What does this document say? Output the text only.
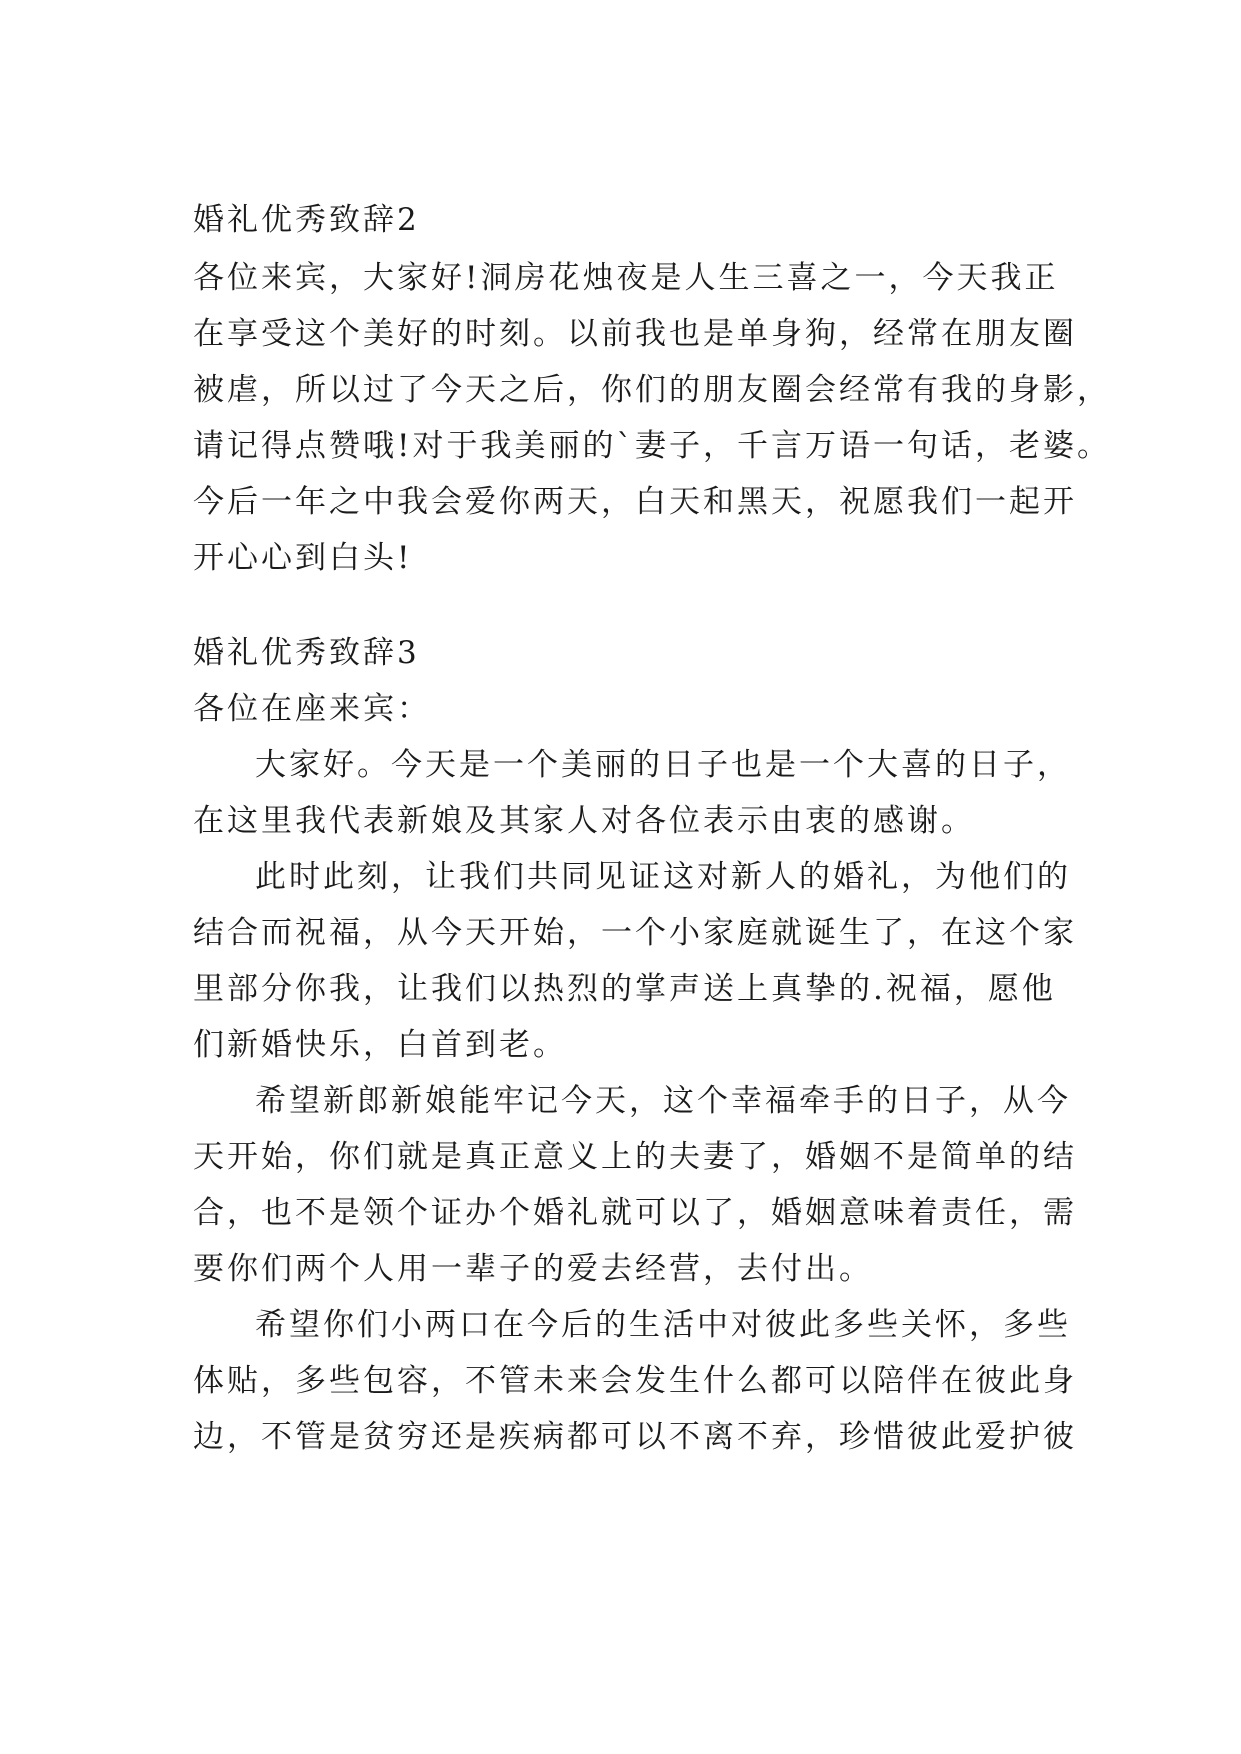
婚礼优秀致辞2
各位来宾，大家好!洞房花烛夜是人生三喜之一，今天我正
在享受这个美好的时刻。以前我也是单身狗，经常在朋友圈
被虐，所以过了今天之后，你们的朋友圈会经常有我的身影，
请记得点赞哦!对于我美丽的`妻子，千言万语一句话，老婆。
今后一年之中我会爱你两天，白天和黑天，祝愿我们一起开
开心心到白头!
婚礼优秀致辞3
各位在座来宾：
大家好。今天是一个美丽的日子也是一个大喜的日子，
在这里我代表新娘及其家人对各位表示由衷的感谢。
此时此刻，让我们共同见证这对新人的婚礼，为他们的
结合而祝福，从今天开始，一个小家庭就诞生了，在这个家
里部分你我，让我们以热烈的掌声送上真挚的.祝福，愿他
们新婚快乐，白首到老。
希望新郎新娘能牢记今天，这个幸福牵手的日子，从今
天开始，你们就是真正意义上的夫妻了，婚姻不是简单的结
合，也不是领个证办个婚礼就可以了，婚姻意味着责任，需
要你们两个人用一辈子的爱去经营，去付出。
希望你们小两口在今后的生活中对彼此多些关怀，多些
体贴，多些包容，不管未来会发生什么都可以陪伴在彼此身
边，不管是贫穷还是疾病都可以不离不弃，珍惜彼此爱护彼
